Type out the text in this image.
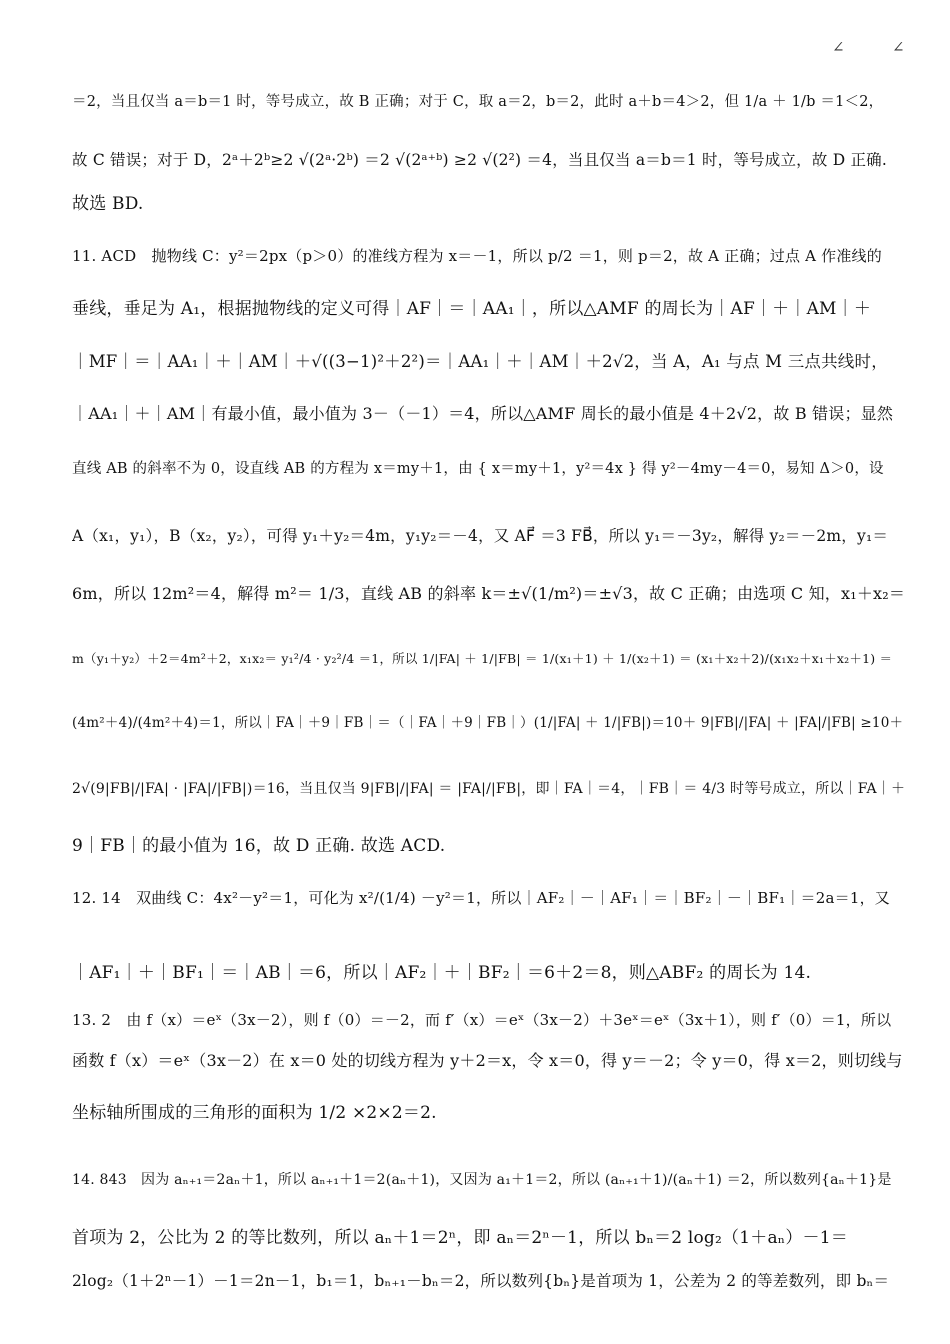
∠	∠
＝2，当且仅当 a＝b＝1 时，等号成立，故 B 正确；对于 C，取 a＝2，b＝2，此时 a＋b＝4＞2，但 1/a ＋ 1/b ＝1＜2，
故 C 错误；对于 D，2ᵃ＋2ᵇ≥2 √(2ᵃ·2ᵇ) ＝2 √(2ᵃ⁺ᵇ) ≥2 √(2²) ＝4，当且仅当 a＝b＝1 时，等号成立，故 D 正确.
故选 BD.
11. ACD　抛物线 C：y²＝2px（p＞0）的准线方程为 x＝－1，所以 p/2 ＝1，则 p＝2，故 A 正确；过点 A 作准线的
垂线，垂足为 A₁，根据抛物线的定义可得｜AF｜＝｜AA₁｜，所以△AMF 的周长为｜AF｜＋｜AM｜＋
｜MF｜＝｜AA₁｜＋｜AM｜＋√((3−1)²＋2²)＝｜AA₁｜＋｜AM｜＋2√2，当 A，A₁ 与点 M 三点共线时，
｜AA₁｜＋｜AM｜有最小值，最小值为 3－（－1）＝4，所以△AMF 周长的最小值是 4＋2√2，故 B 错误；显然
直线 AB 的斜率不为 0，设直线 AB 的方程为 x＝my＋1，由 { x＝my＋1，y²＝4x } 得 y²－4my－4＝0，易知 Δ＞0，设
A（x₁，y₁），B（x₂，y₂），可得 y₁＋y₂＝4m，y₁y₂＝－4，又 AF⃗ ＝3 FB⃗，所以 y₁＝－3y₂，解得 y₂＝－2m，y₁＝
6m，所以 12m²＝4，解得 m²＝ 1/3，直线 AB 的斜率 k＝±√(1/m²)＝±√3，故 C 正确；由选项 C 知，x₁＋x₂＝
m（y₁＋y₂）＋2＝4m²＋2，x₁x₂＝ y₁²/4 · y₂²/4 ＝1，所以 1/|FA| ＋ 1/|FB| ＝ 1/(x₁＋1) ＋ 1/(x₂＋1) ＝ (x₁＋x₂＋2)/(x₁x₂＋x₁＋x₂＋1) ＝
(4m²＋4)/(4m²＋4)＝1，所以｜FA｜＋9｜FB｜＝（｜FA｜＋9｜FB｜）(1/|FA| ＋ 1/|FB|)＝10＋ 9|FB|/|FA| ＋ |FA|/|FB| ≥10＋
2√(9|FB|/|FA| · |FA|/|FB|)＝16，当且仅当 9|FB|/|FA| ＝ |FA|/|FB|，即｜FA｜＝4，｜FB｜＝ 4/3 时等号成立，所以｜FA｜＋
9｜FB｜的最小值为 16，故 D 正确. 故选 ACD.
12. 14　双曲线 C：4x²－y²＝1，可化为 x²/(1/4) －y²＝1，所以｜AF₂｜－｜AF₁｜＝｜BF₂｜－｜BF₁｜＝2a＝1，又
｜AF₁｜＋｜BF₁｜＝｜AB｜＝6，所以｜AF₂｜＋｜BF₂｜＝6＋2＝8，则△ABF₂ 的周长为 14.
13. 2　由 f（x）＝eˣ（3x－2），则 f（0）＝－2，而 f′（x）＝eˣ（3x－2）＋3eˣ＝eˣ（3x＋1），则 f′（0）＝1，所以
函数 f（x）＝eˣ（3x－2）在 x＝0 处的切线方程为 y＋2＝x，令 x＝0，得 y＝－2；令 y＝0，得 x＝2，则切线与
坐标轴所围成的三角形的面积为 1/2 ×2×2＝2.
14. 843　因为 aₙ₊₁＝2aₙ＋1，所以 aₙ₊₁＋1＝2(aₙ＋1)，又因为 a₁＋1＝2，所以 (aₙ₊₁＋1)/(aₙ＋1) ＝2，所以数列{aₙ＋1}是
首项为 2，公比为 2 的等比数列，所以 aₙ＋1＝2ⁿ，即 aₙ＝2ⁿ－1，所以 bₙ＝2 log₂（1＋aₙ）－1＝
2log₂（1＋2ⁿ－1）－1＝2n－1，b₁＝1，bₙ₊₁－bₙ＝2，所以数列{bₙ}是首项为 1，公差为 2 的等差数列，即 bₙ＝
